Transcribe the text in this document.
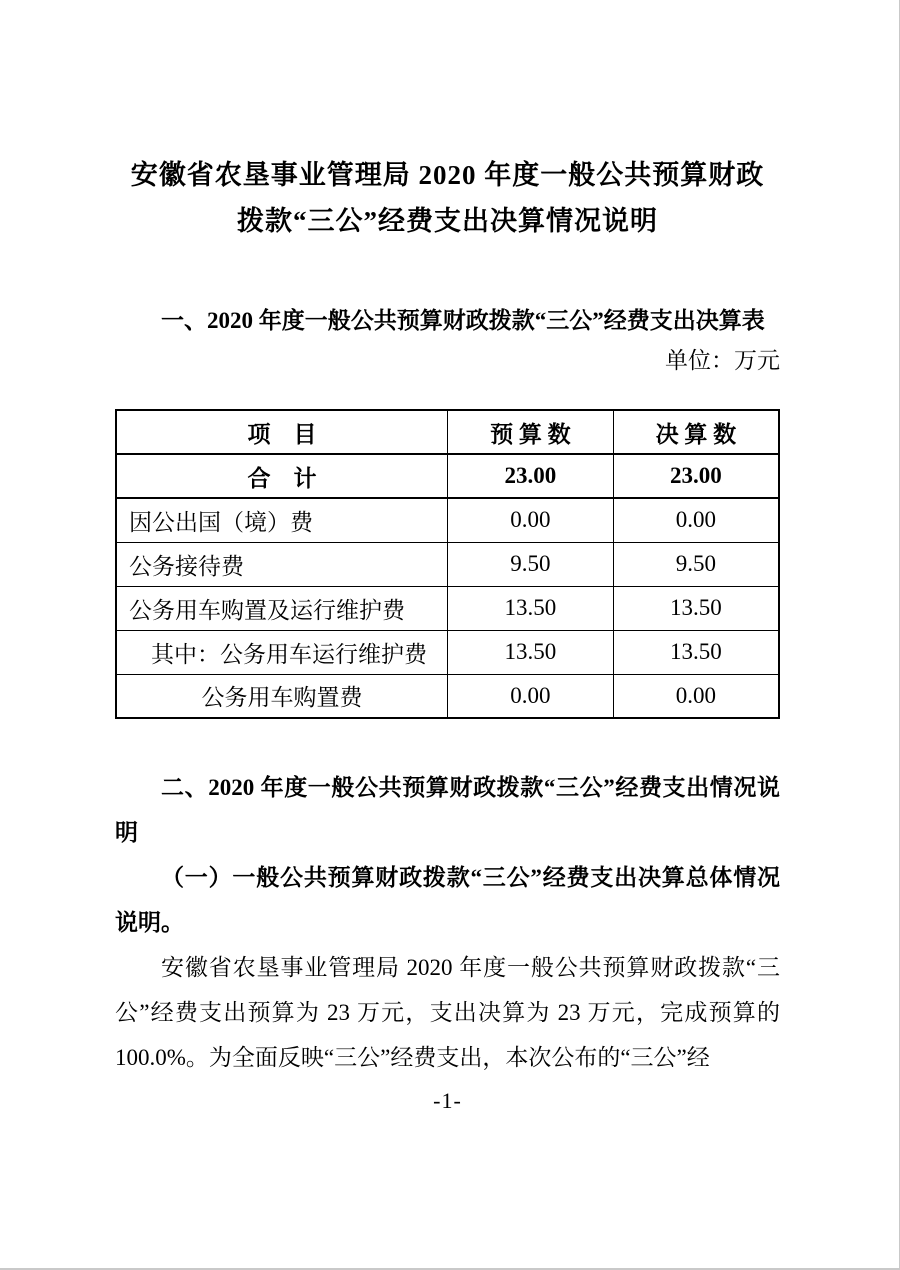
安徽省农垦事业管理局 2020 年度一般公共预算财政
拨款“三公”经费支出决算情况说明

一、2020 年度一般公共预算财政拨款“三公”经费支出决算表

单位：万元
项　目	预 算 数	决 算 数
合　计	23.00	23.00
因公出国（境）费	0.00	0.00
公务接待费	9.50	9.50
公务用车购置及运行维护费	13.50	13.50
其中：公务用车运行维护费	13.50	13.50
公务用车购置费	0.00	0.00

二、2020 年度一般公共预算财政拨款“三公”经费支出情况说明

（一）一般公共预算财政拨款“三公”经费支出决算总体情况说明。

安徽省农垦事业管理局 2020 年度一般公共预算财政拨款“三公”经费支出预算为 23 万元，支出决算为 23 万元，完成预算的 100.0%。为全面反映“三公”经费支出，本次公布的“三公”经

-1-
